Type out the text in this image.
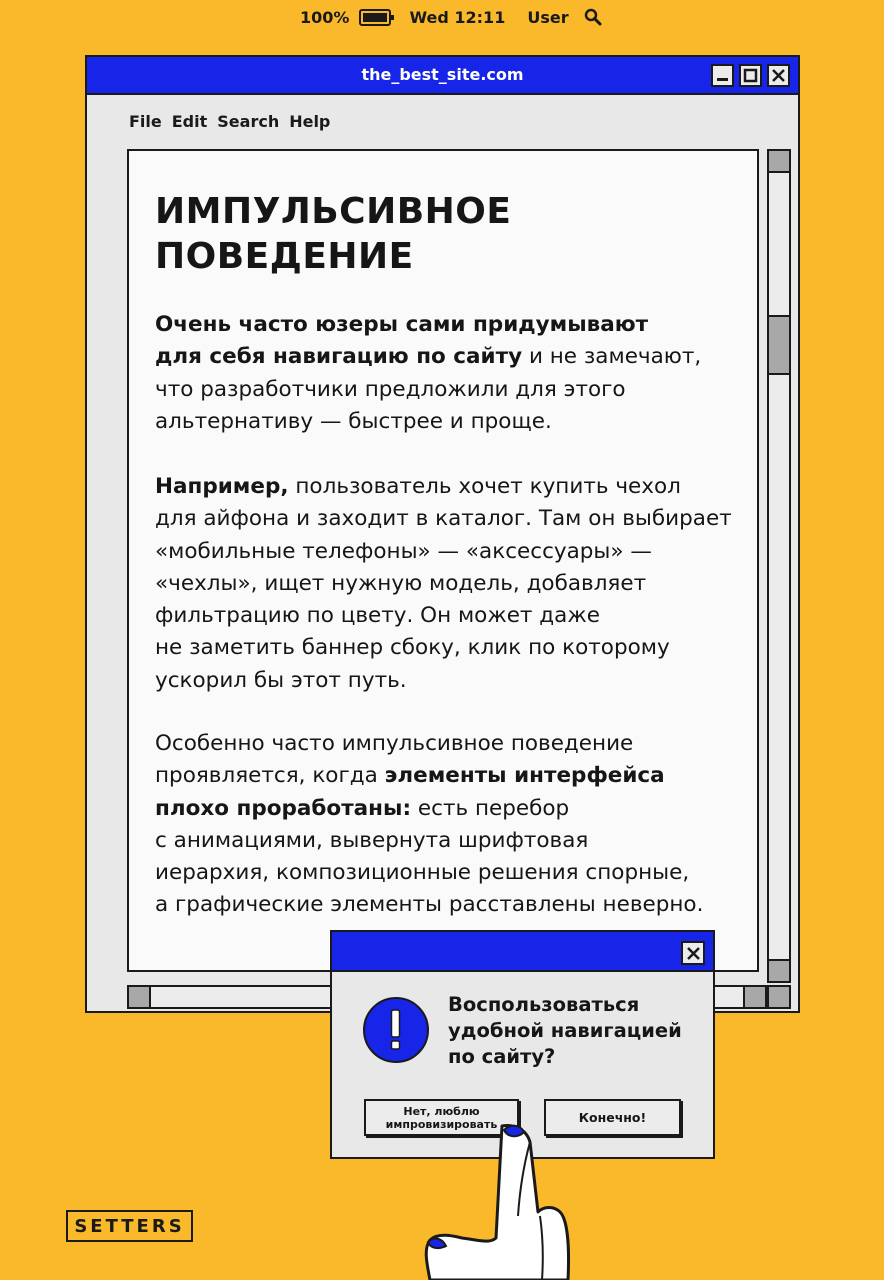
100%	Wed 12:11 User
the_best_site.com
File Edit Search Help
ИМПУЛЬСИВНОЕ
ПОВЕДЕНИЕ
Очень часто юзеры сами придумывают
для себя навигацию по сайту и не замечают,
что разработчики предложили для этого
альтернативу — быстрее и проще.
Например, пользователь хочет купить чехол
для айфона и заходит в каталог. Там он выбирает
«мобильные телефоны» — «аксессуары» —
«чехлы», ищет нужную модель, добавляет
фильтрацию по цвету. Он может даже
не заметить баннер сбоку, клик по которому
ускорил бы этот путь.
Особенно часто импульсивное поведение
проявляется, когда элементы интерфейса
плохо проработаны: есть перебор
с анимациями, вывернута шрифтовая
иерархия, композиционные решения спорные,
а графические элементы расставлены неверно.
Воспользоваться
удобной навигацией
по сайту?
Нет, люблю
импровизировать	Конечно!
SETTERS
